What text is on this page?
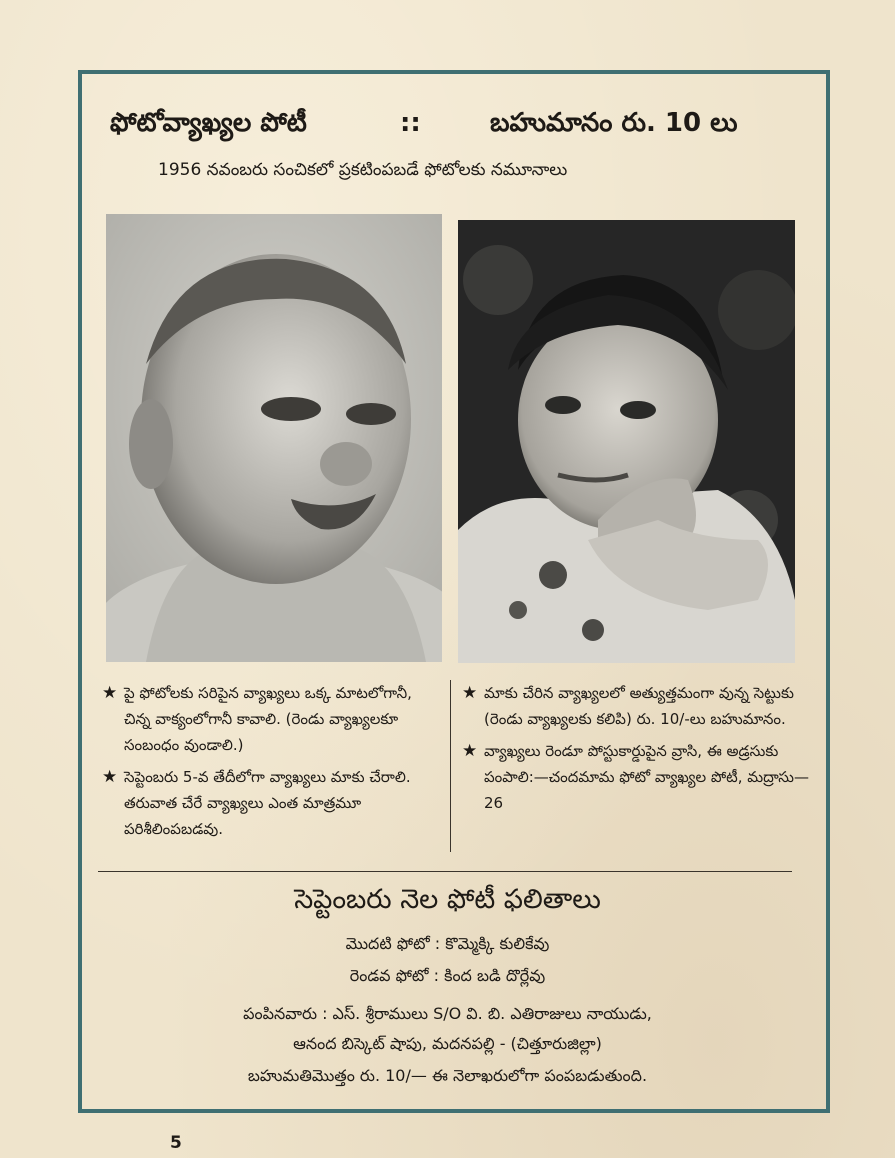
ఫోటోవ్యాఖ్యల పోటీ	::	బహుమానం రు. 10 లు
1956 నవంబరు సంచికలో ప్రకటింపబడే ఫోటోలకు నమూనాలు
★ పై ఫోటోలకు సరిపైన వ్యాఖ్యలు ఒక్క మాటలోగానీ, చిన్న వాక్యంలోగానీ కావాలి. (రెండు వ్యాఖ్యలకూ సంబంధం వుండాలి.)
★ సెప్టెంబరు 5-వ తేదీలోగా వ్యాఖ్యలు మాకు చేరాలి. తరువాత చేరే వ్యాఖ్యలు ఎంత మాత్రమూ పరిశీలింపబడవు.
★ మాకు చేరిన వ్యాఖ్యలలో అత్యుత్తమంగా వున్న సెట్టుకు (రెండు వ్యాఖ్యలకు కలిపి) రు. 10/-లు బహుమానం.
★ వ్యాఖ్యలు రెండూ పోస్టుకార్డుపైన వ్రాసి, ఈ అడ్రసుకు పంపాలి:—చందమామ ఫోటో వ్యాఖ్యల పోటీ, మద్రాసు—26
సెప్టెంబరు నెల ఫోటీ ఫలితాలు
మొదటి ఫోటో : కొమ్మెక్కి కులికేవు
రెండవ ఫోటో : కింద బడి దొర్లేవు
పంపినవారు : ఎస్. శ్రీరాములు S/O వి. బి. ఎతిరాజులు నాయుడు,
ఆనంద బిస్కెట్ షాపు, మదనపల్లి - (చిత్తూరుజిల్లా)
బహుమతిమొత్తం రు. 10/— ఈ నెలాఖరులోగా పంపబడుతుంది.
5
